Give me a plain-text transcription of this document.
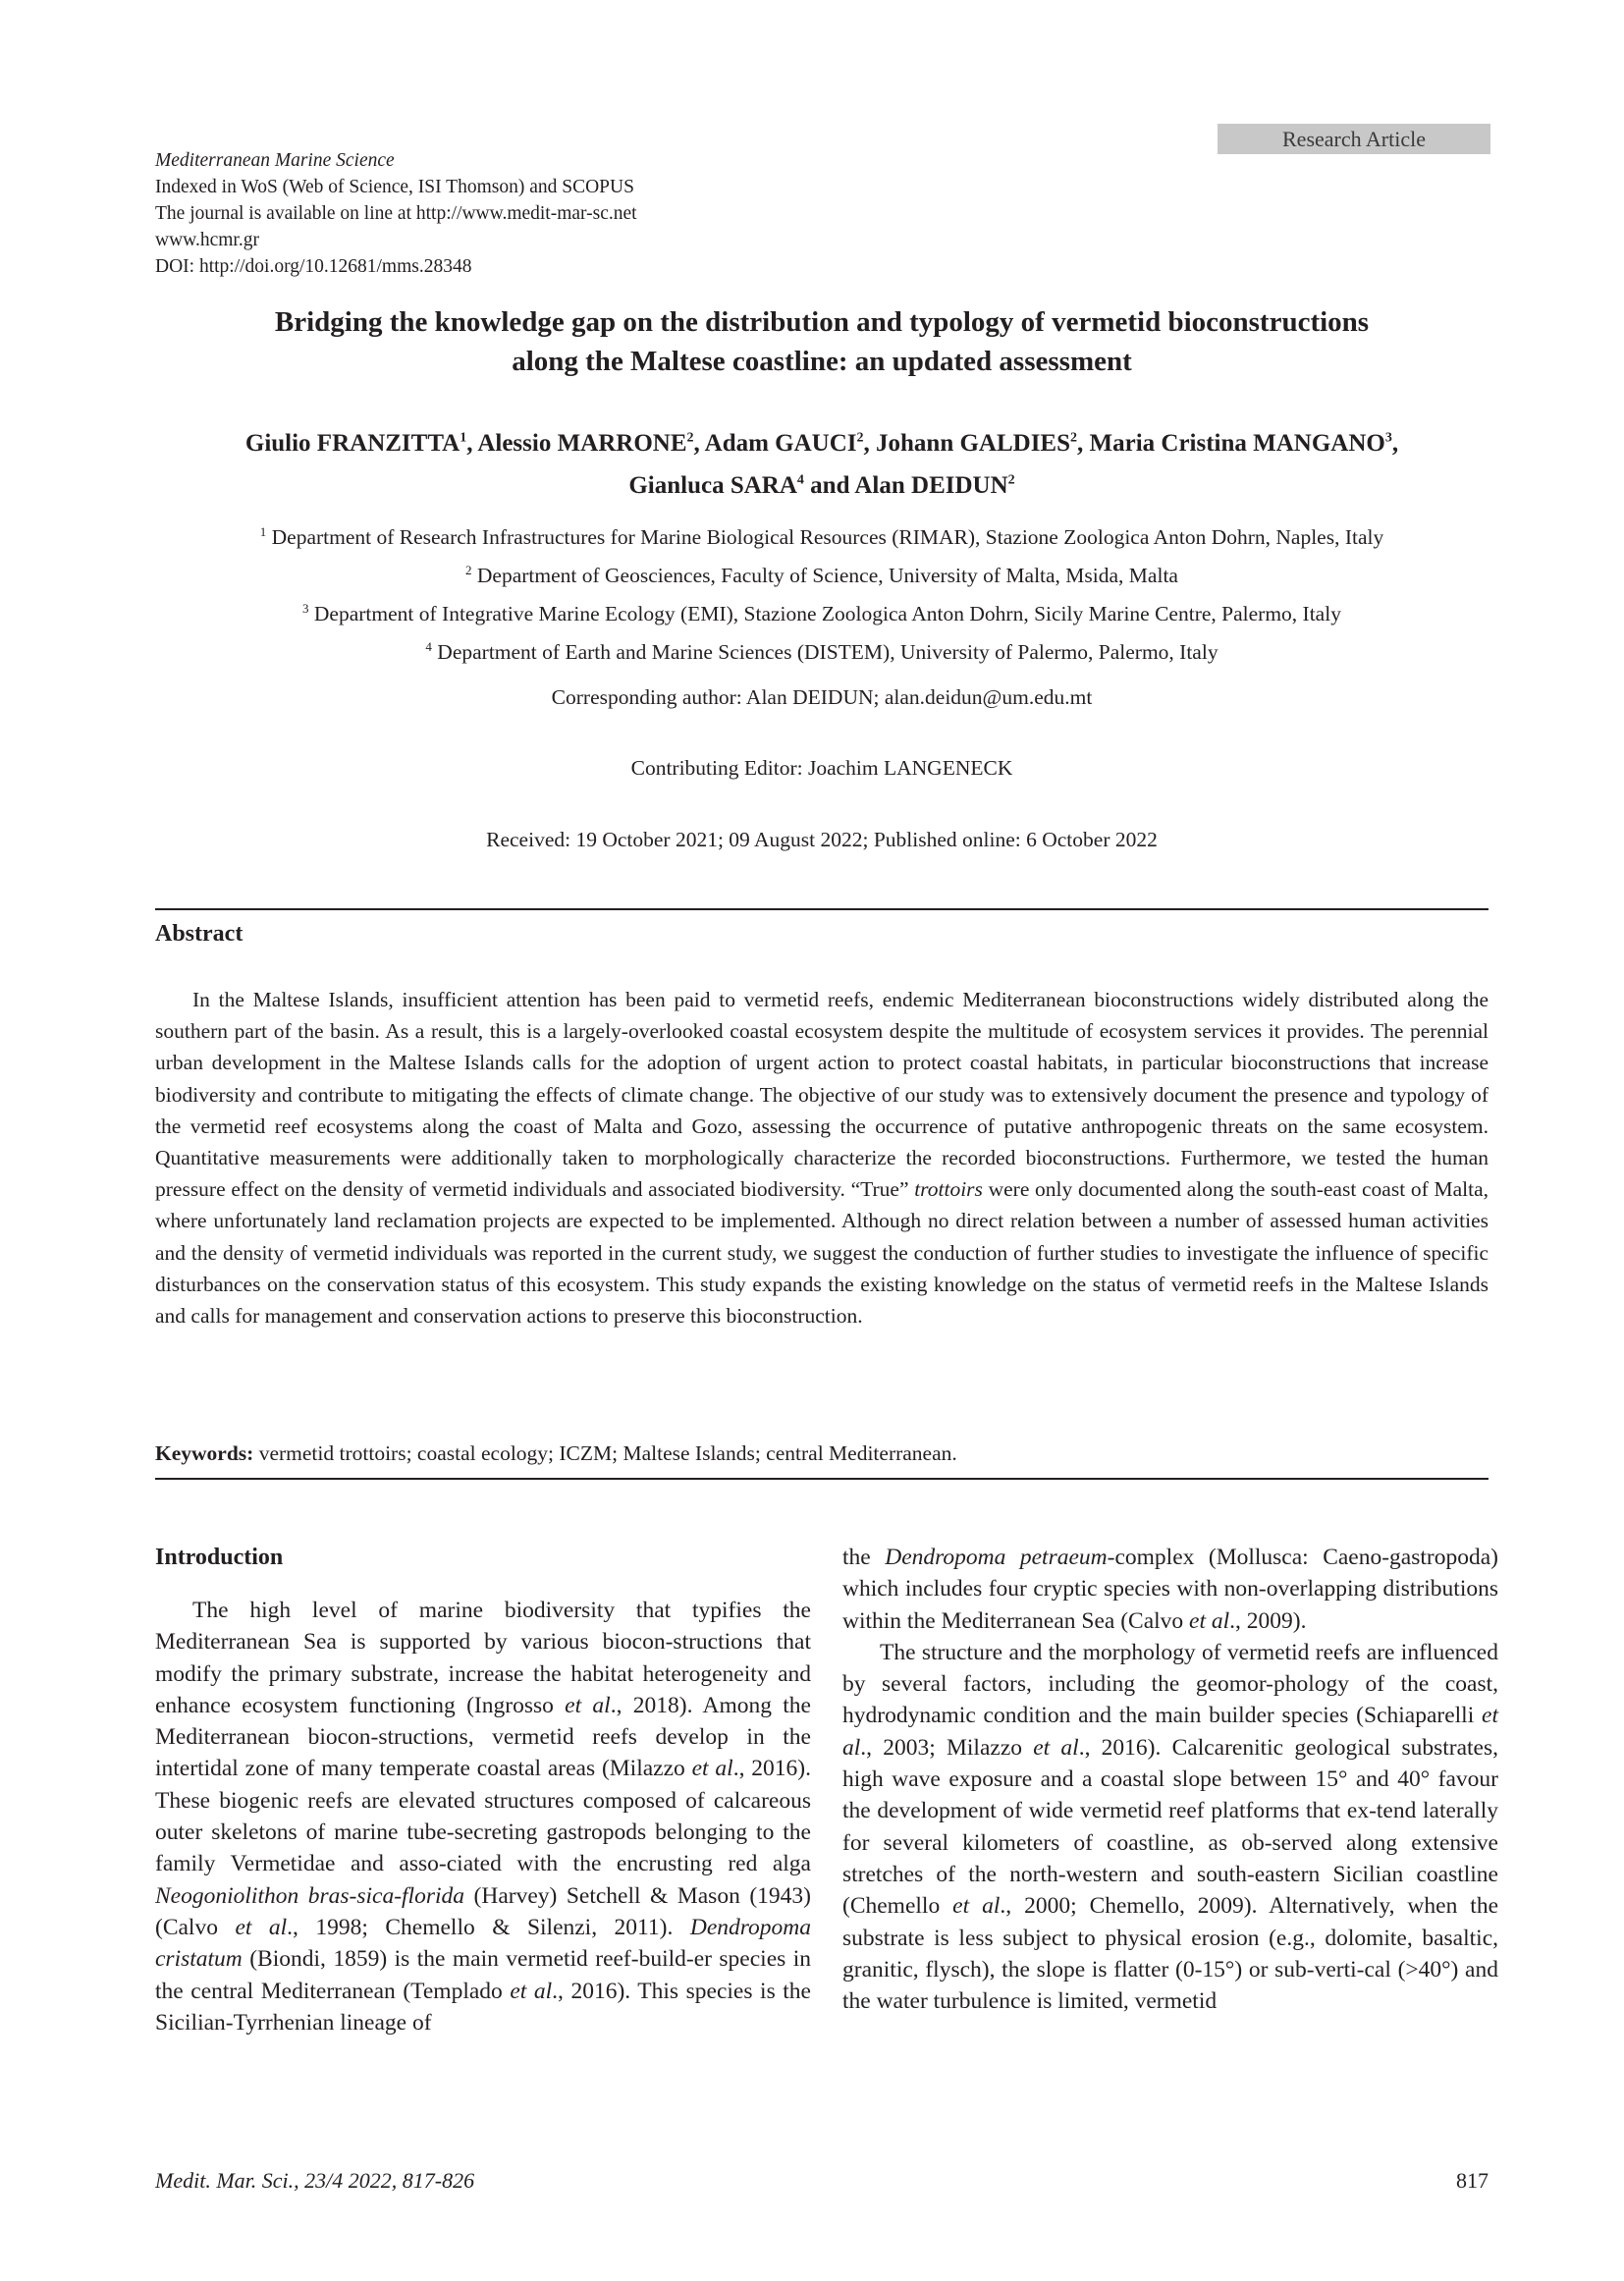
Research Article
Mediterranean Marine Science
Indexed in WoS (Web of Science, ISI Thomson) and SCOPUS
The journal is available on line at http://www.medit-mar-sc.net
www.hcmr.gr
DOI: http://doi.org/10.12681/mms.28348
Bridging the knowledge gap on the distribution and typology of vermetid bioconstructions
along the Maltese coastline: an updated assessment
Giulio FRANZITTA$^1$, Alessio MARRONE$^2$, Adam GAUCI$^2$, Johann GALDIES$^2$, Maria Cristina MANGANO$^3$,
Gianluca SARA$^4$ and Alan DEIDUN$^2$
$^1$ Department of Research Infrastructures for Marine Biological Resources (RIMAR), Stazione Zoologica Anton Dohrn, Naples, Italy
$^2$ Department of Geosciences, Faculty of Science, University of Malta, Msida, Malta
$^3$ Department of Integrative Marine Ecology (EMI), Stazione Zoologica Anton Dohrn, Sicily Marine Centre, Palermo, Italy
$^4$ Department of Earth and Marine Sciences (DISTEM), University of Palermo, Palermo, Italy
Corresponding author: Alan DEIDUN; alan.deidun@um.edu.mt
Contributing Editor: Joachim LANGENECK
Received: 19 October 2021; 09 August 2022; Published online: 6 October 2022
Abstract

In the Maltese Islands, insufficient attention has been paid to vermetid reefs, endemic Mediterranean bioconstructions widely distributed along the southern part of the basin. As a result, this is a largely-overlooked coastal ecosystem despite the multitude of ecosystem services it provides. The perennial urban development in the Maltese Islands calls for the adoption of urgent action to protect coastal habitats, in particular bioconstructions that increase biodiversity and contribute to mitigating the effects of climate change. The objective of our study was to extensively document the presence and typology of the vermetid reef ecosystems along the coast of Malta and Gozo, assessing the occurrence of putative anthropogenic threats on the same ecosystem. Quantitative measurements were additionally taken to morphologically characterize the recorded bioconstructions. Furthermore, we tested the human pressure effect on the density of vermetid individuals and associated biodiversity. “True” trottoirs were only documented along the south-east coast of Malta, where unfortunately land reclamation projects are expected to be implemented. Although no direct relation between a number of assessed human activities and the density of vermetid individuals was reported in the current study, we suggest the conduction of further studies to investigate the influence of specific disturbances on the conservation status of this ecosystem. This study expands the existing knowledge on the status of vermetid reefs in the Maltese Islands and calls for management and conservation actions to preserve this bioconstruction.

Keywords: vermetid trottoirs; coastal ecology; ICZM; Maltese Islands; central Mediterranean.
Introduction

The high level of marine biodiversity that typifies the Mediterranean Sea is supported by various biocon-structions that modify the primary substrate, increase the habitat heterogeneity and enhance ecosystem functioning (Ingrosso et al., 2018). Among the Mediterranean biocon-structions, vermetid reefs develop in the intertidal zone of many temperate coastal areas (Milazzo et al., 2016). These biogenic reefs are elevated structures composed of calcareous outer skeletons of marine tube-secreting gastropods belonging to the family Vermetidae and asso-ciated with the encrusting red alga Neogoniolithon bras-sica-florida (Harvey) Setchell & Mason (1943) (Calvo et al., 1998; Chemello & Silenzi, 2011). Dendropoma cristatum (Biondi, 1859) is the main vermetid reef-build-er species in the central Mediterranean (Templado et al., 2016). This species is the Sicilian-Tyrrhenian lineage of

the Dendropoma petraeum-complex (Mollusca: Caeno-gastropoda) which includes four cryptic species with non-overlapping distributions within the Mediterranean Sea (Calvo et al., 2009).

The structure and the morphology of vermetid reefs are influenced by several factors, including the geomor-phology of the coast, hydrodynamic condition and the main builder species (Schiaparelli et al., 2003; Milazzo et al., 2016). Calcarenitic geological substrates, high wave exposure and a coastal slope between 15° and 40° favour the development of wide vermetid reef platforms that ex-tend laterally for several kilometers of coastline, as ob-served along extensive stretches of the north-western and south-eastern Sicilian coastline (Chemello et al., 2000; Chemello, 2009). Alternatively, when the substrate is less subject to physical erosion (e.g., dolomite, basaltic, granitic, flysch), the slope is flatter (0-15°) or sub-verti-cal (>40°) and the water turbulence is limited, vermetid

Medit. Mar. Sci., 23/4 2022, 817-826	817
